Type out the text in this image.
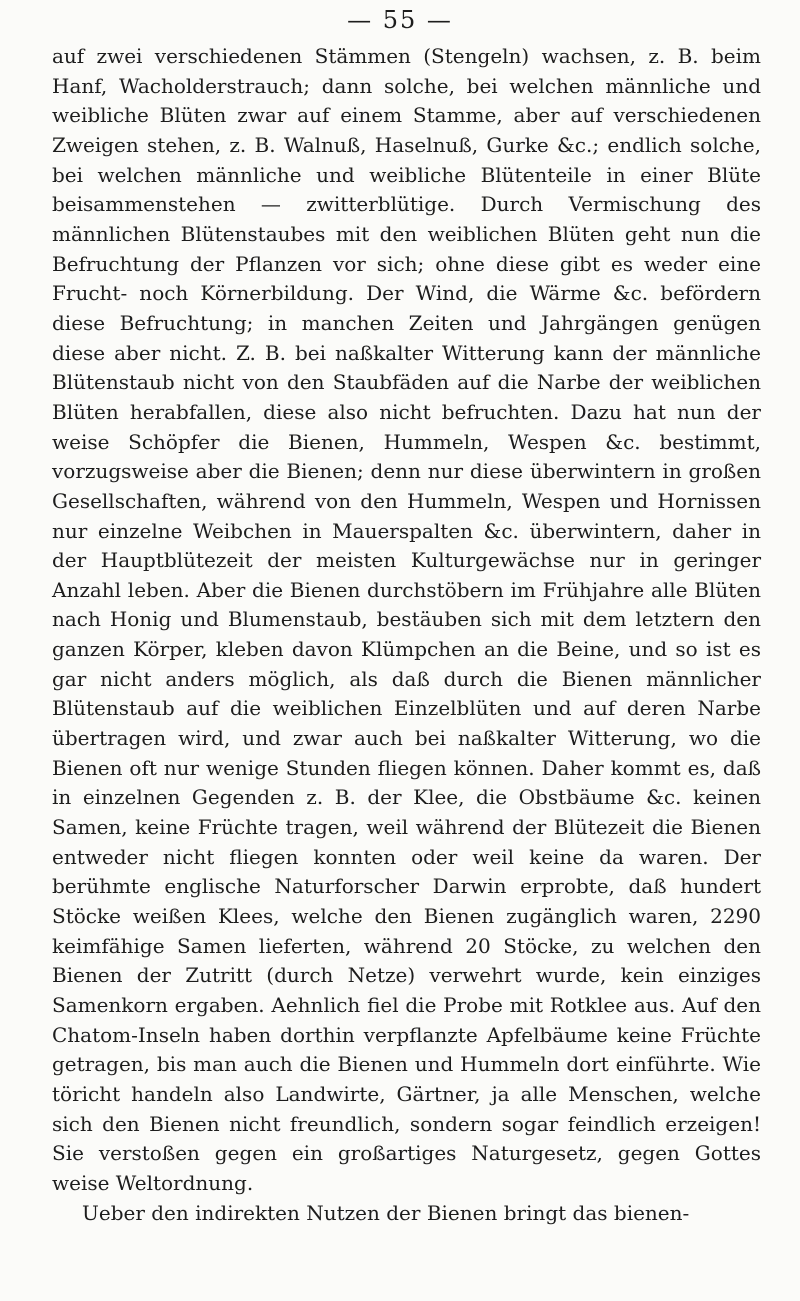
— 55 —

auf zwei verschiedenen Stämmen (Stengeln) wachsen, z. B. beim Hanf, Wacholderstrauch; dann solche, bei welchen männliche und weibliche Blüten zwar auf einem Stamme, aber auf verschiedenen Zweigen stehen, z. B. Walnuß, Haselnuß, Gurke &c.; endlich solche, bei welchen männliche und weibliche Blütenteile in einer Blüte beisammenstehen — zwitterblütige. Durch Vermischung des männlichen Blütenstaubes mit den weiblichen Blüten geht nun die Befruchtung der Pflanzen vor sich; ohne diese gibt es weder eine Frucht- noch Körnerbildung. Der Wind, die Wärme &c. befördern diese Befruchtung; in manchen Zeiten und Jahrgängen genügen diese aber nicht. Z. B. bei naßkalter Witterung kann der männliche Blütenstaub nicht von den Staubfäden auf die Narbe der weiblichen Blüten herabfallen, diese also nicht befruchten. Dazu hat nun der weise Schöpfer die Bienen, Hummeln, Wespen &c. bestimmt, vorzugsweise aber die Bienen; denn nur diese überwintern in großen Gesellschaften, während von den Hummeln, Wespen und Hornissen nur einzelne Weibchen in Mauerspalten &c. überwintern, daher in der Hauptblütezeit der meisten Kulturgewächse nur in geringer Anzahl leben. Aber die Bienen durchstöbern im Frühjahre alle Blüten nach Honig und Blumenstaub, bestäuben sich mit dem letztern den ganzen Körper, kleben davon Klümpchen an die Beine, und so ist es gar nicht anders möglich, als daß durch die Bienen männlicher Blütenstaub auf die weiblichen Einzelblüten und auf deren Narbe übertragen wird, und zwar auch bei naßkalter Witterung, wo die Bienen oft nur wenige Stunden fliegen können. Daher kommt es, daß in einzelnen Gegenden z. B. der Klee, die Obstbäume &c. keinen Samen, keine Früchte tragen, weil während der Blütezeit die Bienen entweder nicht fliegen konnten oder weil keine da waren. Der berühmte englische Naturforscher Darwin erprobte, daß hundert Stöcke weißen Klees, welche den Bienen zugänglich waren, 2290 keimfähige Samen lieferten, während 20 Stöcke, zu welchen den Bienen der Zutritt (durch Netze) verwehrt wurde, kein einziges Samenkorn ergaben. Aehnlich fiel die Probe mit Rotklee aus. Auf den Chatom-Inseln haben dorthin verpflanzte Apfelbäume keine Früchte getragen, bis man auch die Bienen und Hummeln dort einführte. Wie töricht handeln also Landwirte, Gärtner, ja alle Menschen, welche sich den Bienen nicht freundlich, sondern sogar feindlich erzeigen! Sie verstoßen gegen ein großartiges Naturgesetz, gegen Gottes weise Weltordnung.

Ueber den indirekten Nutzen der Bienen bringt das bienen-
